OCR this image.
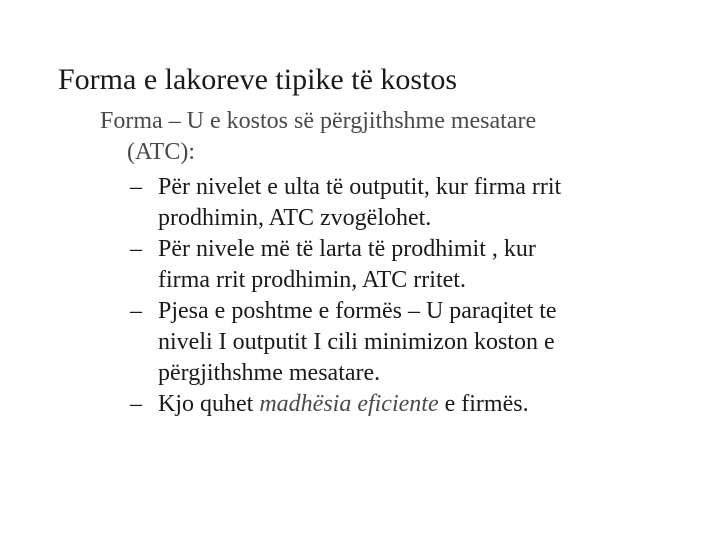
Forma e lakoreve tipike të kostos
Forma – U e kostos së përgjithshme mesatare
(ATC):
– Për nivelet e ulta të outputit, kur firma rrit
prodhimin, ATC zvogëlohet.
– Për nivele më të larta të prodhimit , kur
firma rrit prodhimin, ATC rritet.
– Pjesa e poshtme e formës – U paraqitet te
niveli I outputit I cili minimizon koston e
përgjithshme mesatare.
– Kjo quhet madhësia eficiente e firmës.
